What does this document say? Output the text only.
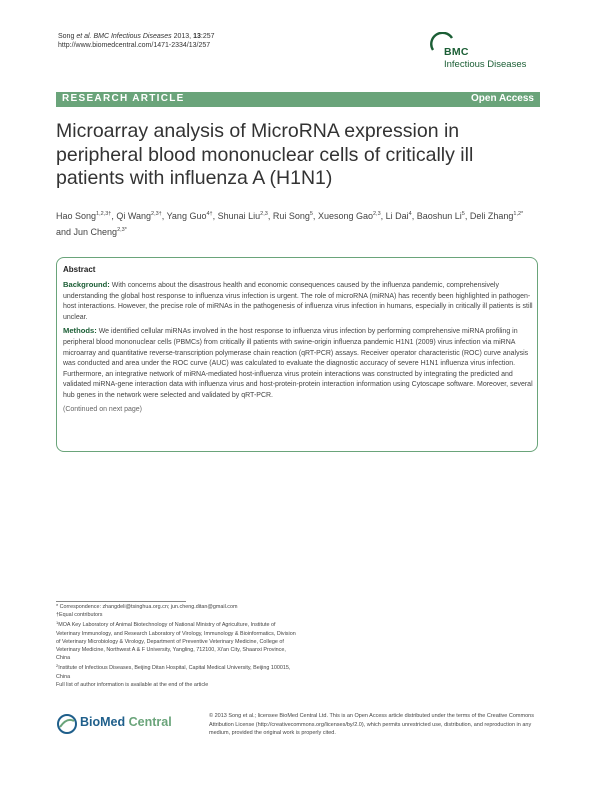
Song et al. BMC Infectious Diseases 2013, 13:257
http://www.biomedcentral.com/1471-2334/13/257
BMC
Infectious Diseases
RESEARCH ARTICLE	Open Access
Microarray analysis of MicroRNA expression in peripheral blood mononuclear cells of critically ill patients with influenza A (H1N1)
Hao Song$^{1,2,3\dagger}$, Qi Wang$^{2,3\dagger}$, Yang Guo$^{4\dagger}$, Shunai Liu$^{2,3}$, Rui Song$^5$, Xuesong Gao$^{2,3}$, Li Dai$^4$, Baoshun Li$^5$, Deli Zhang$^{1,2*}$ and Jun Cheng$^{2,3*}$
Abstract

Background: With concerns about the disastrous health and economic consequences caused by the influenza pandemic, comprehensively understanding the global host response to influenza virus infection is urgent. The role of microRNA (miRNA) has recently been highlighted in pathogen-host interactions. However, the precise role of miRNAs in the pathogenesis of influenza virus infection in humans, especially in critically ill patients is still unclear.

Methods: We identified cellular miRNAs involved in the host response to influenza virus infection by performing comprehensive miRNA profiling in peripheral blood mononuclear cells (PBMCs) from critically ill patients with swine-origin influenza pandemic H1N1 (2009) virus infection via miRNA microarray and quantitative reverse-transcription polymerase chain reaction (qRT-PCR) assays. Receiver operator characteristic (ROC) curve analysis was conducted and area under the ROC curve (AUC) was calculated to evaluate the diagnostic accuracy of severe H1N1 influenza virus infection. Furthermore, an integrative network of miRNA-mediated host-influenza virus protein interactions was constructed by integrating the predicted and validated miRNA-gene interaction data with influenza virus and host-protein-protein interaction information using Cytoscape software. Moreover, several hub genes in the network were selected and validated by qRT-PCR.

(Continued on next page)

* Correspondence: zhangdeli@tsinghua.org.cn; jun.cheng.ditan@gmail.com

†Equal contributors

$^1$MOA Key Laboratory of Animal Biotechnology of National Ministry of Agriculture, Institute of Veterinary Immunology, and Research Laboratory of Virology, Immunology & Bioinformatics, Division of Veterinary Microbiology & Virology, Department of Preventive Veterinary Medicine, College of Veterinary Medicine, Northwest A & F University, Yangling, 712100, Xi'an City, Shaanxi Province, China

$^2$Institute of Infectious Diseases, Beijing Ditan Hospital, Capital Medical University, Beijing 100015, China

Full list of author information is available at the end of the article

BioMed Central	© 2013 Song et al.; licensee BioMed Central Ltd. This is an Open Access article distributed under the terms of the Creative Commons Attribution License (http://creativecommons.org/licenses/by/2.0), which permits unrestricted use, distribution, and reproduction in any medium, provided the original work is properly cited.
